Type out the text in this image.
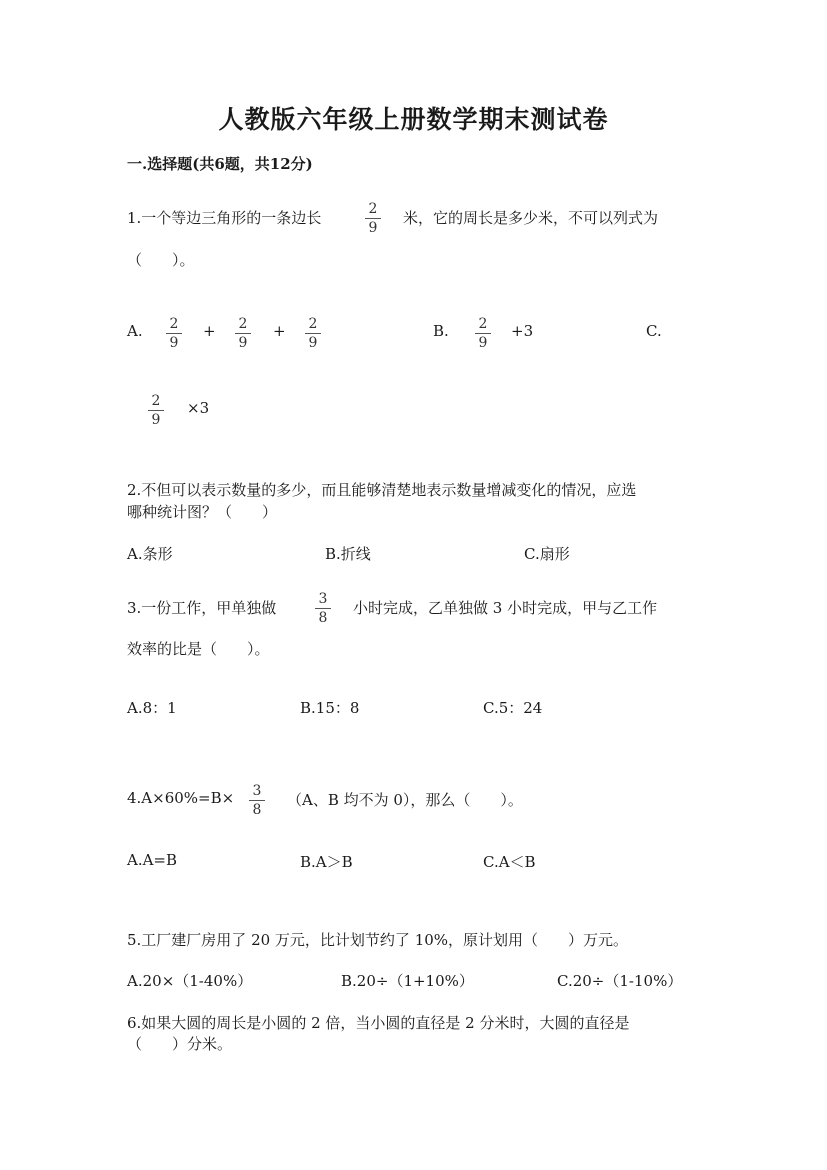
人教版六年级上册数学期末测试卷
一.选择题(共6题，共12分)
1.一个等边三角形的一条边长	2
9
米，它的周长是多少米，不可以列式为
（　　）。
A. 2
9
+ 2
9
+ 2
9
B. 2
9
+3	C.
2
9
×3
2.不但可以表示数量的多少，而且能够清楚地表示数量增减变化的情况，应选
哪种统计图？（　　）
A.条形	B.折线	C.扇形
3.一份工作，甲单独做	3
8
小时完成，乙单独做 3 小时完成，甲与乙工作
效率的比是（　　）。
A.8：1	B.15：8	C.5：24
4.A×60%=B× 3
8
（A、B 均不为 0），那么（　　）。
A.A=B	B.A＞B	C.A＜B
5.工厂建厂房用了 20 万元，比计划节约了 10%，原计划用（　　）万元。
A.20×（1-40%）	B.20÷（1+10%）	C.20÷（1-10%）
6.如果大圆的周长是小圆的 2 倍，当小圆的直径是 2 分米时，大圆的直径是
（　　）分米。
